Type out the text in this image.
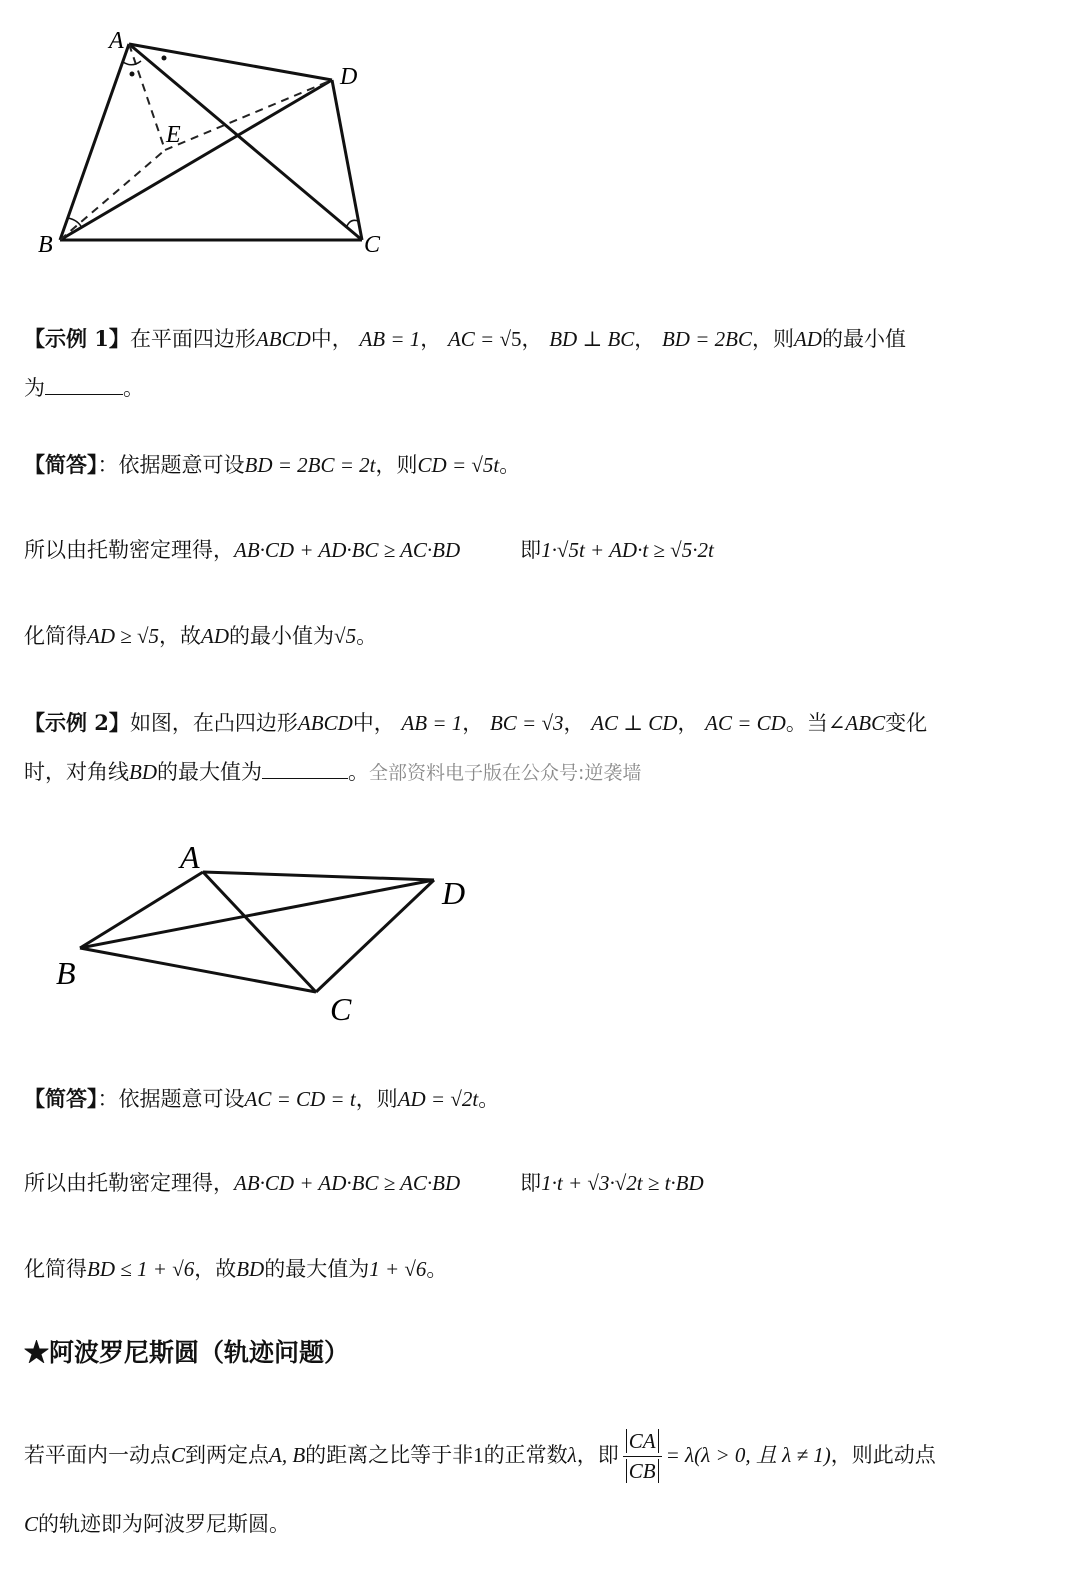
A
D
E
B	C
【示例 1】在平面四边形ABCD中， AB = 1， AC = √5， BD ⊥ BC， BD = 2BC，则AD的最小值
为	。
【简答】：依据题意可设BD = 2BC = 2t，则CD = √5t。
所以由托勒密定理得，AB·CD + AD·BC ≥ AC·BD	即1·√5t + AD·t ≥ √5·2t
化简得AD ≥ √5，故AD的最小值为√5。
【示例 2】如图，在凸四边形ABCD中， AB = 1， BC = √3， AC ⊥ CD， AC = CD。当∠ABC变化
时，对角线BD的最大值为	。全部资料电子版在公众号:逆袭墙
A
D
B
C
【简答】：依据题意可设AC = CD = t，则AD = √2t。
所以由托勒密定理得，AB·CD + AD·BC ≥ AC·BD	即1·t + √3·√2t ≥ t·BD
化简得BD ≤ 1 + √6，故BD的最大值为1 + √6。
★阿波罗尼斯圆（轨迹问题）
若平面内一动点C到两定点A, B的距离之比等于非1的正常数λ，即 $\frac{CA}{CB} = \lambda(\lambda > 0$, 且 λ ≠ 1)，则此动点
C的轨迹即为阿波罗尼斯圆。
